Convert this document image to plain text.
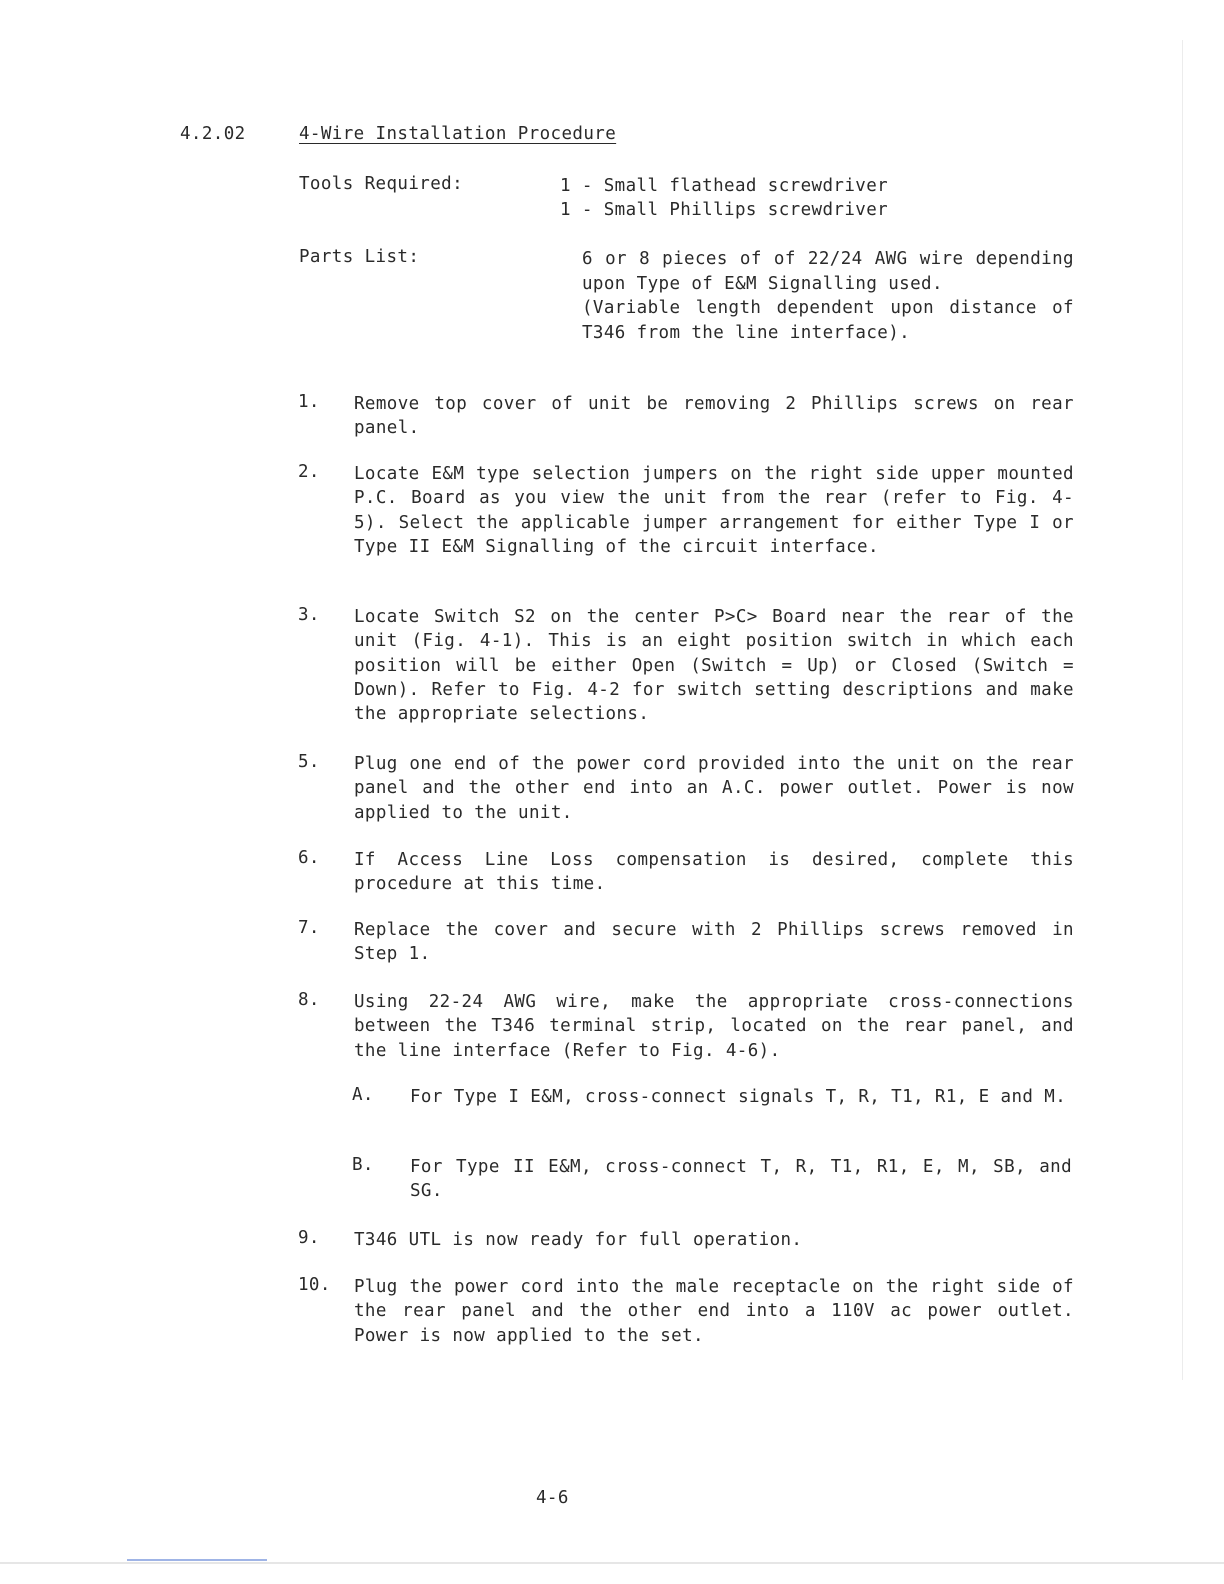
4.2.02	4-Wire Installation Procedure
Tools Required:	1 - Small flathead screwdriver
1 - Small Phillips screwdriver
Parts List:	6 or 8 pieces of of 22/24 AWG wire depending upon Type of E&M Signalling used.

(Variable length dependent upon distance of T346 from the line interface).

1. Remove top cover of unit be removing 2 Phillips screws on rear panel.
2. Locate E&M type selection jumpers on the right side upper mounted P.C. Board as you view the unit from the rear (refer to Fig. 4-5). Select the applicable jumper arrangement for either Type I or Type II E&M Signalling of the circuit interface.
3. Locate Switch S2 on the center P>C> Board near the rear of the unit (Fig. 4-1). This is an eight position switch in which each position will be either Open (Switch = Up) or Closed (Switch = Down). Refer to Fig. 4-2 for switch setting descriptions and make the appropriate selections.
5. Plug one end of the power cord provided into the unit on the rear panel and the other end into an A.C. power outlet. Power is now applied to the unit.
6. If Access Line Loss compensation is desired, complete this procedure at this time.
7. Replace the cover and secure with 2 Phillips screws removed in Step 1.
8. Using 22-24 AWG wire, make the appropriate cross-connections between the T346 terminal strip, located on the rear panel, and the line interface (Refer to Fig. 4-6).
A. For Type I E&M, cross-connect signals T, R, T1, R1, E and M.
B. For Type II E&M, cross-connect T, R, T1, R1, E, M, SB, and SG.
9. T346 UTL is now ready for full operation.
10. Plug the power cord into the male receptacle on the right side of the rear panel and the other end into a 110V ac power outlet. Power is now applied to the set.
4-6
